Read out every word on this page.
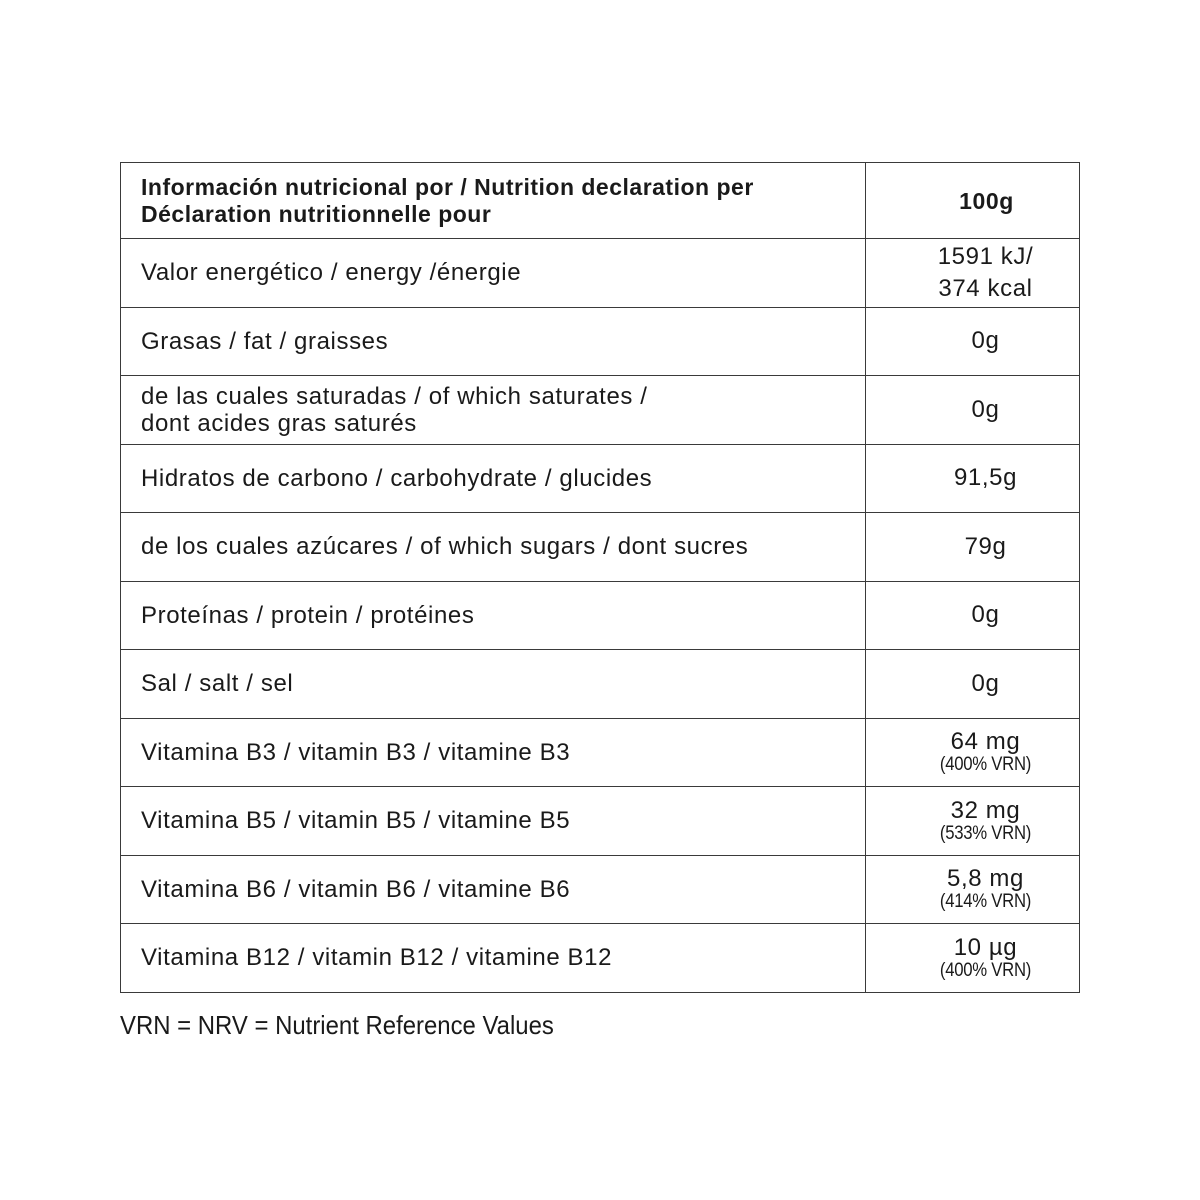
Información nutricional por / Nutrition declaration per
Déclaration nutritionnelle pour	100g

Valor energético / energy /énergie	1591 kJ/
374 kcal

Grasas / fat / graisses	0g

de las cuales saturadas / of which saturates /
dont acides gras saturés	0g

Hidratos de carbono / carbohydrate / glucides	91,5g

de los cuales azúcares / of which sugars / dont sucres	79g

Proteínas / protein / protéines	0g

Sal / salt / sel	0g

Vitamina B3 / vitamin B3 / vitamine B3	64 mg
(400% VRN)

Vitamina B5 / vitamin B5 / vitamine B5	32 mg
(533% VRN)

Vitamina B6 / vitamin B6 / vitamine B6	5,8 mg
(414% VRN)

Vitamina B12 / vitamin B12 / vitamine B12	10 µg
(400% VRN)
VRN = NRV = Nutrient Reference Values
